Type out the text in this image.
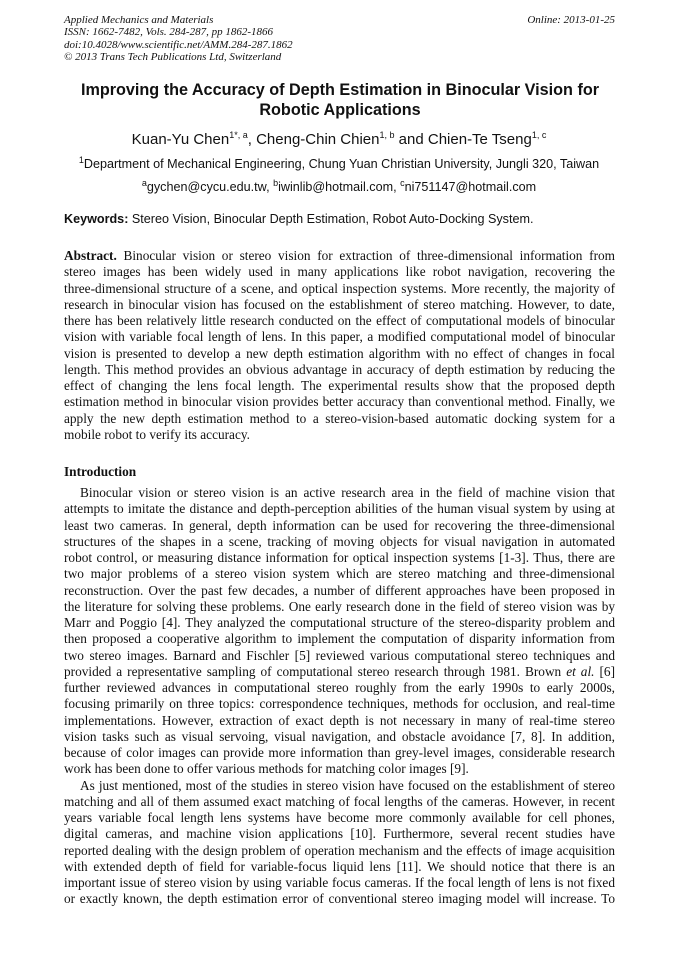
Applied Mechanics and Materials
ISSN: 1662-7482, Vols. 284-287, pp 1862-1866
doi:10.4028/www.scientific.net/AMM.284-287.1862
© 2013 Trans Tech Publications Ltd, Switzerland
Online: 2013-01-25
Improving the Accuracy of Depth Estimation in Binocular Vision for
Robotic Applications
Kuan-Yu Chen$^{1*, a}$, Cheng-Chin Chien$^{1, b}$ and Chien-Te Tseng$^{1, c}$
$^1$Department of Mechanical Engineering, Chung Yuan Christian University, Jungli 320, Taiwan
$^a$gychen@cycu.edu.tw, $^b$iwinlib@hotmail.com, $^c$ni751147@hotmail.com
Keywords: Stereo Vision, Binocular Depth Estimation, Robot Auto-Docking System.
Abstract. Binocular vision or stereo vision for extraction of three-dimensional information from
stereo images has been widely used in many applications like robot navigation, recovering the
three-dimensional structure of a scene, and optical inspection systems. More recently, the majority of
research in binocular vision has focused on the establishment of stereo matching. However, to date,
there has been relatively little research conducted on the effect of computational models of binocular
vision with variable focal length of lens. In this paper, a modified computational model of binocular
vision is presented to develop a new depth estimation algorithm with no effect of changes in focal
length. This method provides an obvious advantage in accuracy of depth estimation by reducing the
effect of changing the lens focal length. The experimental results show that the proposed depth
estimation method in binocular vision provides better accuracy than conventional method. Finally, we
apply the new depth estimation method to a stereo-vision-based automatic docking system for a
mobile robot to verify its accuracy.
Introduction
Binocular vision or stereo vision is an active research area in the field of machine vision that
attempts to imitate the distance and depth-perception abilities of the human visual system by using at
least two cameras. In general, depth information can be used for recovering the three-dimensional
structures of the shapes in a scene, tracking of moving objects for visual navigation in automated
robot control, or measuring distance information for optical inspection systems [1-3]. Thus, there are
two major problems of a stereo vision system which are stereo matching and three-dimensional
reconstruction. Over the past few decades, a number of different approaches have been proposed in
the literature for solving these problems. One early research done in the field of stereo vision was by
Marr and Poggio [4]. They analyzed the computational structure of the stereo-disparity problem and
then proposed a cooperative algorithm to implement the computation of disparity information from
two stereo images. Barnard and Fischler [5] reviewed various computational stereo techniques and
provided a representative sampling of computational stereo research through 1981. Brown et al. [6]
further reviewed advances in computational stereo roughly from the early 1990s to early 2000s,
focusing primarily on three topics: correspondence techniques, methods for occlusion, and real-time
implementations. However, extraction of exact depth is not necessary in many of real-time stereo
vision tasks such as visual servoing, visual navigation, and obstacle avoidance [7, 8]. In addition,
because of color images can provide more information than grey-level images, considerable research
work has been done to offer various methods for matching color images [9].
As just mentioned, most of the studies in stereo vision have focused on the establishment of stereo
matching and all of them assumed exact matching of focal lengths of the cameras. However, in recent
years variable focal length lens systems have become more commonly available for cell phones,
digital cameras, and machine vision applications [10]. Furthermore, several recent studies have
reported dealing with the design problem of operation mechanism and the effects of image acquisition
with extended depth of field for variable-focus liquid lens [11]. We should notice that there is an
important issue of stereo vision by using variable focus cameras. If the focal length of lens is not fixed
or exactly known, the depth estimation error of conventional stereo imaging model will increase. To
